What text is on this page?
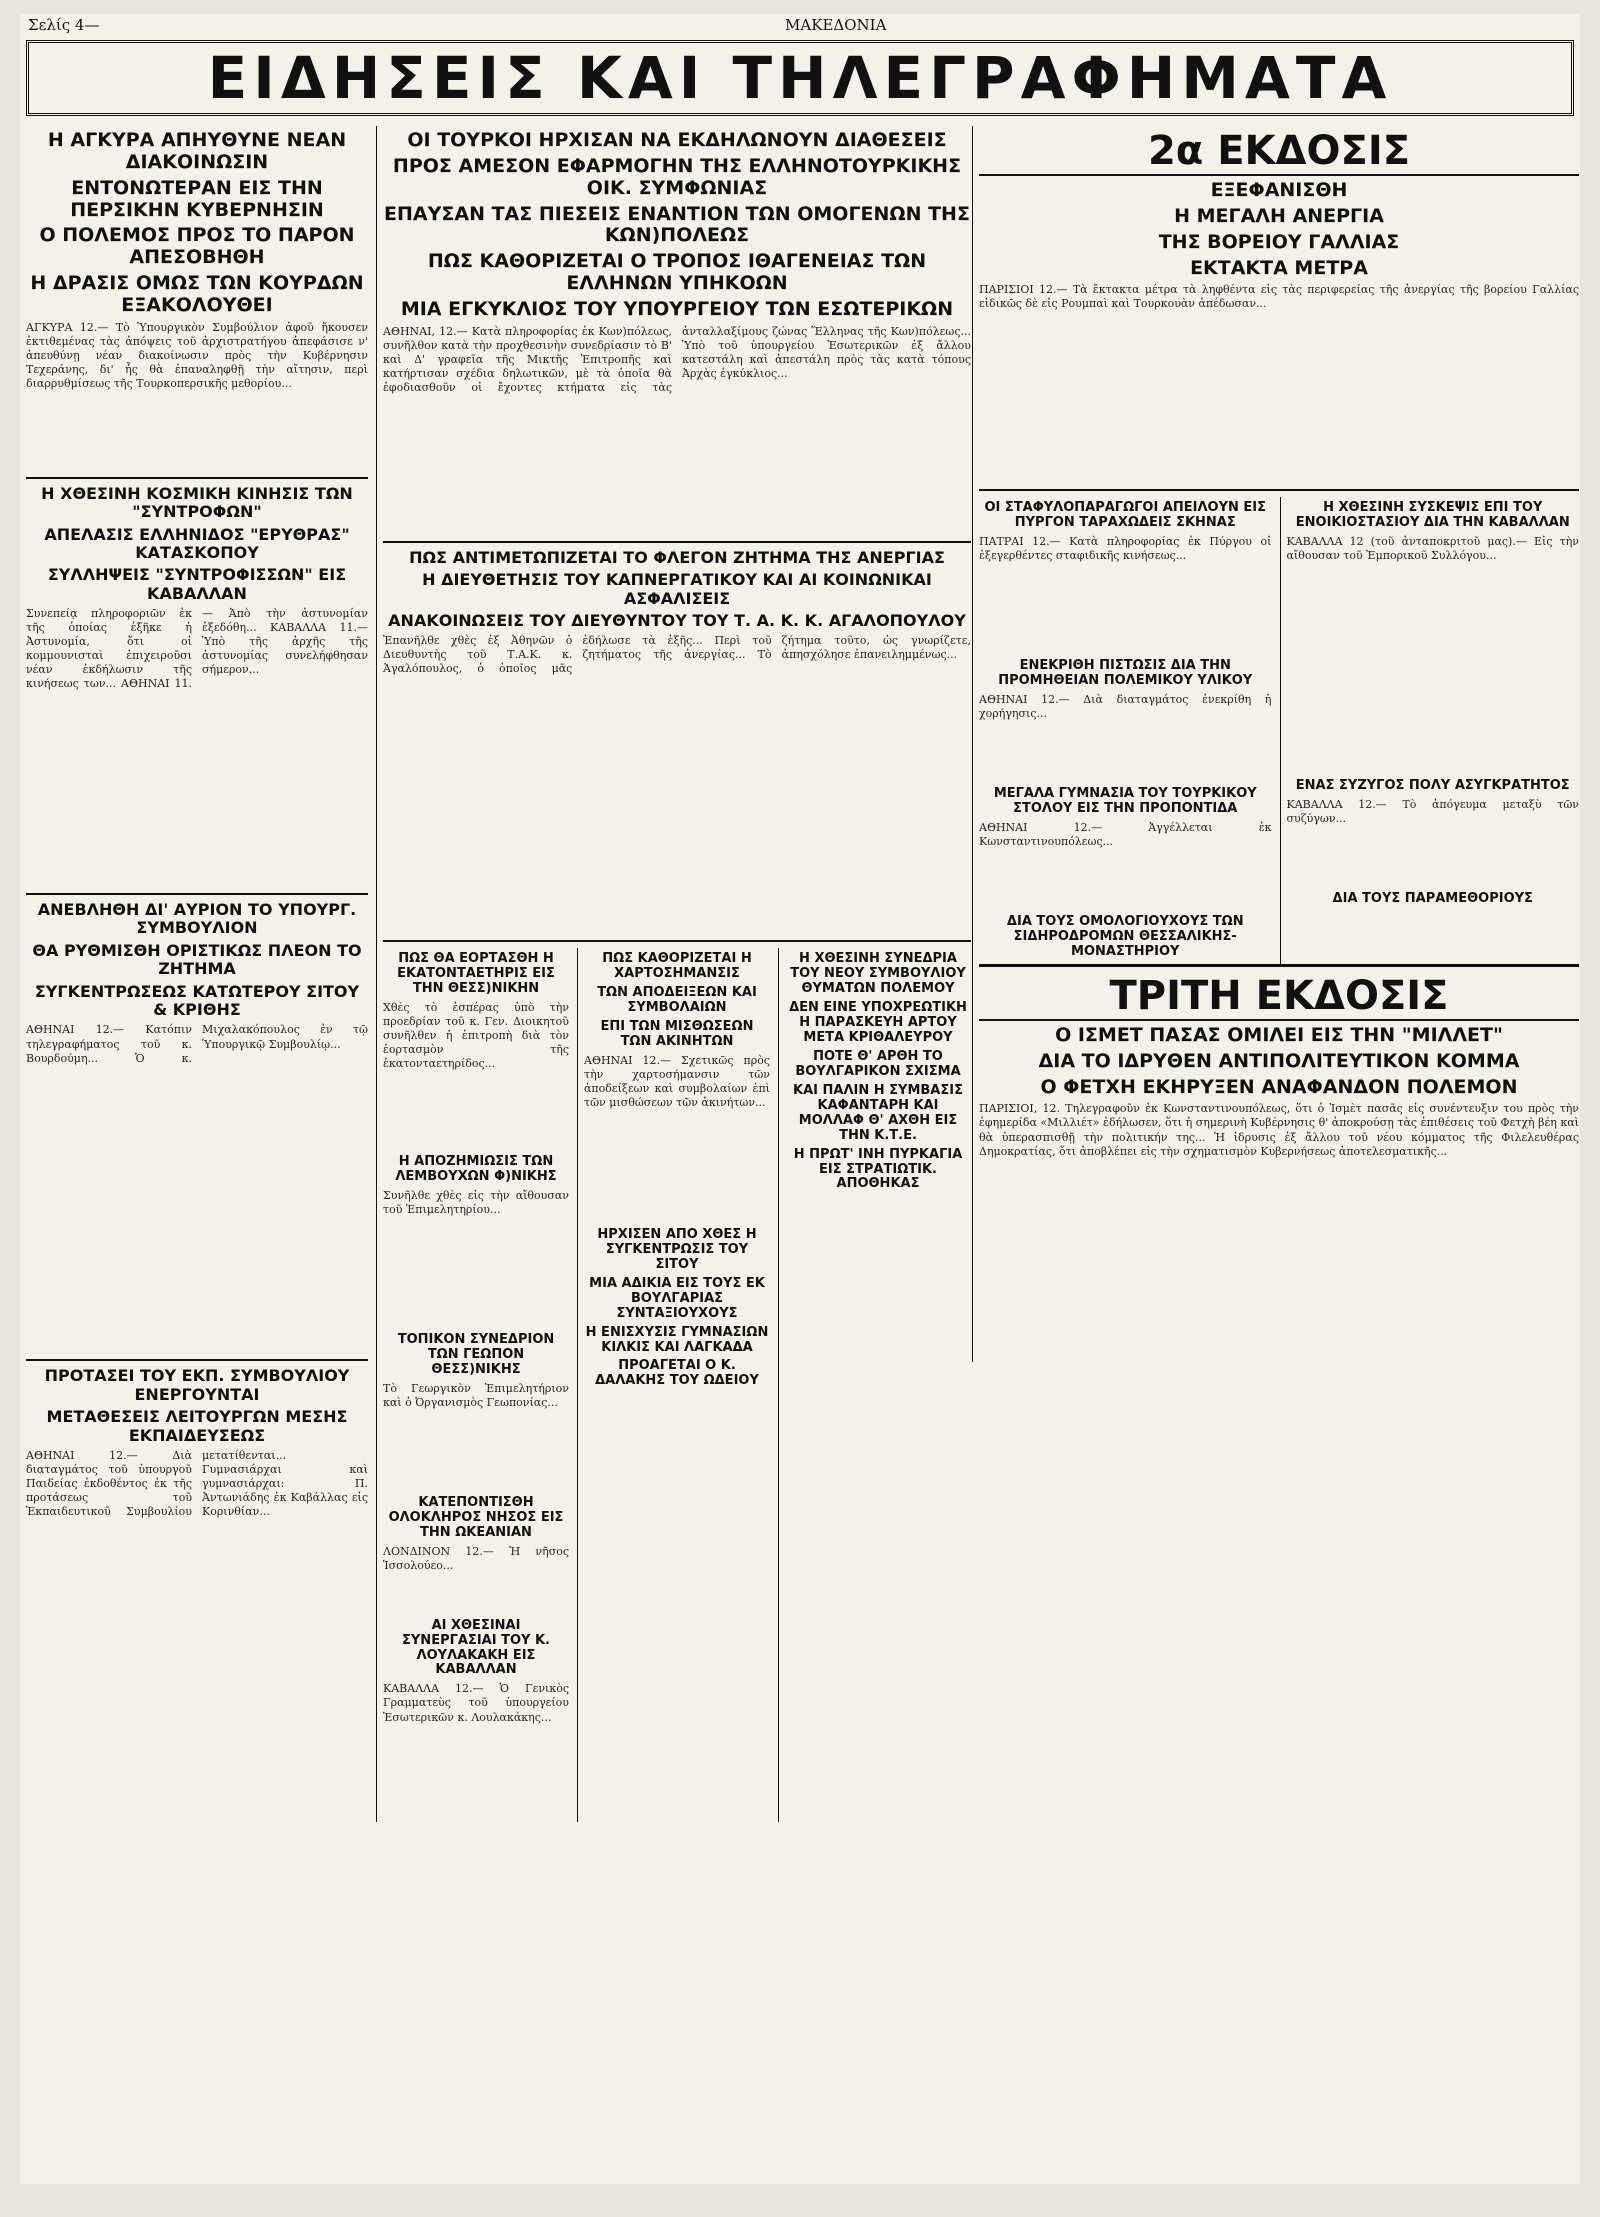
Σελίς 4—	ΜΑΚΕΔΟΝΙΑ
ΕΙΔΗΣΕΙΣ ΚΑΙ ΤΗΛΕΓΡΑΦΗΜΑΤΑ
Η ΑΓΚΥΡΑ ΑΠΗΥΘΥΝΕ ΝΕΑΝ ΔΙΑΚΟΙΝΩΣΙΝ
ΕΝΤΟΝΩΤΕΡΑΝ ΕΙΣ ΤΗΝ ΠΕΡΣΙΚΗΝ ΚΥΒΕΡΝΗΣΙΝ
Ο ΠΟΛΕΜΟΣ ΠΡΟΣ ΤΟ ΠΑΡΟΝ ΑΠΕΣΟΒΗΘΗ
Η ΔΡΑΣΙΣ ΟΜΩΣ ΤΩΝ ΚΟΥΡΔΩΝ ΕΞΑΚΟΛΟΥΘΕΙ
ΑΓΚΥΡΑ 12.— Τὸ Ὑπουργικὸν Συμβούλιον ἀφοῦ ἤκουσεν ἐκτιθεμένας τὰς ἀπόψεις τοῦ ἀρχιστρατήγου ἀπεφάσισε ν' ἀπευθύνῃ νέαν διακοίνωσιν πρὸς τὴν Κυβέρνησιν Τεχεράνης, δι' ἧς θὰ ἐπαναληφθῇ τὴν αἴτησιν, περὶ διαρρυθμίσεως τῆς Τουρκοπερσικῆς μεθορίου...
Η ΧΘΕΣΙΝΗ ΚΟΣΜΙΚΗ ΚΙΝΗΣΙΣ ΤΩΝ "ΣΥΝΤΡΟΦΩΝ"
ΑΠΕΛΑΣΙΣ ΕΛΛΗΝΙΔΟΣ "ΕΡΥΘΡΑΣ" ΚΑΤΑΣΚΟΠΟΥ
ΣΥΛΛΗΨΕΙΣ "ΣΥΝΤΡΟΦΙΣΣΩΝ" ΕΙΣ ΚΑΒΑΛΛΑΝ
Συνεπείᾳ πληροφοριῶν ἐκ τῆς ὁποίας ἐξῆκε ἡ Ἀστυνομία, ὅτι οἱ κομμουνισταὶ ἐπιχειροῦσι νέαν ἐκδήλωσιν τῆς κινήσεως των... ΑΘΗΝΑΙ 11.— Ἀπὸ τὴν ἀστυνομίαν ἐξεδόθη... ΚΑΒΑΛΛΑ 11.— Ὑπὸ τῆς ἀρχῆς τῆς ἀστυνομίας συνελήφθησαν σήμερον...
ΑΝΕΒΛΗΘΗ ΔΙ' ΑΥΡΙΟΝ ΤΟ ΥΠΟΥΡΓ. ΣΥΜΒΟΥΛΙΟΝ
ΘΑ ΡΥΘΜΙΣΘΗ ΟΡΙΣΤΙΚΩΣ ΠΛΕΟΝ ΤΟ ΖΗΤΗΜΑ
ΣΥΓΚΕΝΤΡΩΣΕΩΣ ΚΑΤΩΤΕΡΟΥ ΣΙΤΟΥ & ΚΡΙΘΗΣ
ΑΘΗΝΑΙ 12.— Κατόπιν τηλεγραφήματος τοῦ κ. Βουρδούμη... Ὁ κ. Μιχαλακόπουλος ἐν τῷ Ὑπουργικῷ Συμβουλίῳ...
ΠΡΟΤΑΣΕΙ ΤΟΥ ΕΚΠ. ΣΥΜΒΟΥΛΙΟΥ ΕΝΕΡΓΟΥΝΤΑΙ
ΜΕΤΑΘΕΣΕΙΣ ΛΕΙΤΟΥΡΓΩΝ ΜΕΣΗΣ ΕΚΠΑΙΔΕΥΣΕΩΣ
ΑΘΗΝΑΙ 12.— Διὰ διαταγμάτος τοῦ ὑπουργοῦ Παιδείας ἐκδοθέντος ἐκ τῆς προτάσεως τοῦ Ἐκπαιδευτικοῦ Συμβουλίου μετατίθενται... Γυμνασιάρχαι καὶ γυμνασιάρχαι: Π. Ἀντωνιάδης ἐκ Καβάλλας εἰς Κορινθίαν...
ΟΙ ΤΟΥΡΚΟΙ ΗΡΧΙΣΑΝ ΝΑ ΕΚΔΗΛΩΝΟΥΝ ΔΙΑΘΕΣΕΙΣ
ΠΡΟΣ ΑΜΕΣΟΝ ΕΦΑΡΜΟΓΗΝ ΤΗΣ ΕΛΛΗΝΟΤΟΥΡΚΙΚΗΣ ΟΙΚ. ΣΥΜΦΩΝΙΑΣ
ΕΠΑΥΣΑΝ ΤΑΣ ΠΙΕΣΕΙΣ ΕΝΑΝΤΙΟΝ ΤΩΝ ΟΜΟΓΕΝΩΝ ΤΗΣ ΚΩΝ)ΠΟΛΕΩΣ
ΠΩΣ ΚΑΘΟΡΙΖΕΤΑΙ Ο ΤΡΟΠΟΣ ΙΘΑΓΕΝΕΙΑΣ ΤΩΝ ΕΛΛΗΝΩΝ ΥΠΗΚΟΩΝ
ΜΙΑ ΕΓΚΥΚΛΙΟΣ ΤΟΥ ΥΠΟΥΡΓΕΙΟΥ ΤΩΝ ΕΣΩΤΕΡΙΚΩΝ
ΑΘΗΝΑΙ, 12.— Κατὰ πληροφορίας ἐκ Κων)πόλεως, συνῆλθον κατὰ τὴν προχθεσινὴν συνεδρίασιν τὸ Β' καὶ Δ' γραφεῖα τῆς Μικτῆς Ἐπιτροπῆς καὶ κατήρτισαν σχέδια δηλωτικῶν, μὲ τὰ ὁποῖα θὰ ἐφοδιασθοῦν οἱ ἔχοντες κτήματα εἰς τὰς ἀνταλλαξίμους ζώνας Ἕλληνας τῆς Κων)πόλεως... Ὑπὸ τοῦ ὑπουργείου Ἐσωτερικῶν ἐξ ἄλλου κατεστάλη καὶ ἀπεστάλη πρὸς τὰς κατὰ τόπους Ἀρχὰς ἐγκύκλιος...
ΠΩΣ ΑΝΤΙΜΕΤΩΠΙΖΕΤΑΙ ΤΟ ΦΛΕΓΟΝ ΖΗΤΗΜΑ ΤΗΣ ΑΝΕΡΓΙΑΣ
Η ΔΙΕΥΘΕΤΗΣΙΣ ΤΟΥ ΚΑΠΝΕΡΓΑΤΙΚΟΥ ΚΑΙ ΑΙ ΚΟΙΝΩΝΙΚΑΙ ΑΣΦΑΛΙΣΕΙΣ
ΑΝΑΚΟΙΝΩΣΕΙΣ ΤΟΥ ΔΙΕΥΘΥΝΤΟΥ ΤΟΥ Τ. Α. Κ. Κ. ΑΓΑΛΟΠΟΥΛΟΥ
Ἐπανῆλθε χθὲς ἐξ Ἀθηνῶν ὁ Διευθυντὴς τοῦ Τ.Α.Κ. κ. Ἀγαλόπουλος, ὁ ὁποῖος μᾶς ἐδήλωσε τὰ ἑξῆς... Περὶ τοῦ ζητήματος τῆς ἀνεργίας... Τὸ ζήτημα τοῦτο, ὡς γνωρίζετε, ἀπησχόλησε ἐπανειλημμένως...
ΠΩΣ ΘΑ ΕΟΡΤΑΣΘΗ Η ΕΚΑΤΟΝΤΑΕΤΗΡΙΣ ΕΙΣ ΤΗΝ ΘΕΣΣ)ΝΙΚΗΝ
Χθὲς τὸ ἑσπέρας ὑπὸ τὴν προεδρίαν τοῦ κ. Γεν. Διοικητοῦ συνῆλθεν ἡ ἐπιτροπὴ διὰ τὸν ἑορτασμὸν τῆς ἑκατονταετηρίδος...
Η ΑΠΟΖΗΜΙΩΣΙΣ ΤΩΝ ΛΕΜΒΟΥΧΩΝ Φ)ΝΙΚΗΣ
Συνῆλθε χθὲς εἰς τὴν αἴθουσαν τοῦ Ἐπιμελητηρίου...
ΤΟΠΙΚΟΝ ΣΥΝΕΔΡΙΟΝ ΤΩΝ ΓΕΩΠΟΝ ΘΕΣΣ)ΝΙΚΗΣ
Τὸ Γεωργικὸν Ἐπιμελητήριον καὶ ὁ Ὀργανισμὸς Γεωπονίας...
ΚΑΤΕΠΟΝΤΙΣΘΗ ΟΛΟΚΛΗΡΟΣ ΝΗΣΟΣ ΕΙΣ ΤΗΝ ΩΚΕΑΝΙΑΝ
ΛΟΝΔΙΝΟΝ 12.— Ἡ νῆσος Ἱσσολούεο...
ΑΙ ΧΘΕΣΙΝΑΙ ΣΥΝΕΡΓΑΣΙΑΙ ΤΟΥ Κ. ΛΟΥΛΑΚΑΚΗ ΕΙΣ ΚΑΒΑΛΛΑΝ
ΚΑΒΑΛΛΑ 12.— Ὁ Γενικὸς Γραμματεὺς τοῦ ὑπουργείου Ἐσωτερικῶν κ. Λουλακάκης...
ΠΩΣ ΚΑΘΟΡΙΖΕΤΑΙ Η ΧΑΡΤΟΣΗΜΑΝΣΙΣ
ΤΩΝ ΑΠΟΔΕΙΞΕΩΝ ΚΑΙ ΣΥΜΒΟΛΑΙΩΝ
ΕΠΙ ΤΩΝ ΜΙΣΘΩΣΕΩΝ ΤΩΝ ΑΚΙΝΗΤΩΝ
ΑΘΗΝΑΙ 12.— Σχετικῶς πρὸς τὴν χαρτοσήμανσιν τῶν ἀποδείξεων καὶ συμβολαίων ἐπὶ τῶν μισθώσεων τῶν ἀκινήτων...
ΗΡΧΙΣΕΝ ΑΠΟ ΧΘΕΣ Η ΣΥΓΚΕΝΤΡΩΣΙΣ ΤΟΥ ΣΙΤΟΥ
ΜΙΑ ΑΔΙΚΙΑ ΕΙΣ ΤΟΥΣ ΕΚ ΒΟΥΛΓΑΡΙΑΣ ΣΥΝΤΑΞΙΟΥΧΟΥΣ
Η ΕΝΙΣΧΥΣΙΣ ΓΥΜΝΑΣΙΩΝ ΚΙΛΚΙΣ ΚΑΙ ΛΑΓΚΑΔΑ
ΠΡΟΑΓΕΤΑΙ Ο Κ. ΔΑΛΑΚΗΣ ΤΟΥ ΩΔΕΙΟΥ
Η ΧΘΕΣΙΝΗ ΣΥΝΕΔΡΙΑ ΤΟΥ ΝΕΟΥ ΣΥΜΒΟΥΛΙΟΥ ΘΥΜΑΤΩΝ ΠΟΛΕΜΟΥ
ΔΕΝ ΕΙΝΕ ΥΠΟΧΡΕΩΤΙΚΗ Η ΠΑΡΑΣΚΕΥΗ ΑΡΤΟΥ ΜΕΤΑ ΚΡΙΘΑΛΕΥΡΟΥ
ΠΟΤΕ Θ' ΑΡΘΗ ΤΟ ΒΟΥΛΓΑΡΙΚΟΝ ΣΧΙΣΜΑ
ΚΑΙ ΠΑΛΙΝ Η ΣΥΜΒΑΣΙΣ ΚΑΦΑΝΤΑΡΗ ΚΑΙ ΜΟΛΛΑΦ Θ' ΑΧΘΗ ΕΙΣ ΤΗΝ Κ.Τ.Ε.
Η ΠΡΩΤ' ΙΝΗ ΠΥΡΚΑΓΙΑ ΕΙΣ ΣΤΡΑΤΙΩΤΙΚ. ΑΠΟΘΗΚΑΣ
2α ΕΚΔΟΣΙΣ
ΕΞΕΦΑΝΙΣΘΗ
Η ΜΕΓΑΛΗ ΑΝΕΡΓΙΑ
ΤΗΣ ΒΟΡΕΙΟΥ ΓΑΛΛΙΑΣ
ΕΚΤΑΚΤΑ ΜΕΤΡΑ
ΠΑΡΙΣΙΟΙ 12.— Τὰ ἔκτακτα μέτρα τὰ ληφθέντα εἰς τὰς περιφερείας τῆς ἀνεργίας τῆς βορείου Γαλλίας εἰδικῶς δὲ εἰς Ρουμπαὶ καὶ Τουρκουὰν ἀπέδωσαν...
ΟΙ ΣΤΑΦΥΛΟΠΑΡΑΓΩΓΟΙ ΑΠΕΙΛΟΥΝ ΕΙΣ ΠΥΡΓΟΝ ΤΑΡΑΧΩΔΕΙΣ ΣΚΗΝΑΣ
ΠΑΤΡΑΙ 12.— Κατὰ πληροφορίας ἐκ Πύργου οἱ ἐξεγερθέντες σταφιδικῆς κινήσεως...
ΕΝΕΚΡΙΘΗ ΠΙΣΤΩΣΙΣ ΔΙΑ ΤΗΝ ΠΡΟΜΗΘΕΙΑΝ ΠΟΛΕΜΙΚΟΥ ΥΛΙΚΟΥ
ΑΘΗΝΑΙ 12.— Διὰ διαταγμάτος ἐνεκρίθη ἡ χορήγησις...
ΜΕΓΑΛΑ ΓΥΜΝΑΣΙΑ ΤΟΥ ΤΟΥΡΚΙΚΟΥ ΣΤΟΛΟΥ ΕΙΣ ΤΗΝ ΠΡΟΠΟΝΤΙΔΑ
ΑΘΗΝΑΙ 12.— Ἀγγέλλεται ἐκ Κωνσταντινουπόλεως...
ΔΙΑ ΤΟΥΣ ΟΜΟΛΟΓΙΟΥΧΟΥΣ ΤΩΝ ΣΙΔΗΡΟΔΡΟΜΩΝ ΘΕΣΣΑΛΙΚΗΣ-ΜΟΝΑΣΤΗΡΙΟΥ
Η ΧΘΕΣΙΝΗ ΣΥΣΚΕΨΙΣ ΕΠΙ ΤΟΥ ΕΝΟΙΚΙΟΣΤΑΣΙΟΥ ΔΙΑ ΤΗΝ ΚΑΒΑΛΛΑΝ
ΚΑΒΑΛΛΑ 12 (τοῦ ἀνταποκριτοῦ μας).— Εἰς τὴν αἴθουσαν τοῦ Ἐμπορικοῦ Συλλόγου...
ΕΝΑΣ ΣΥΖΥΓΟΣ ΠΟΛΥ ΑΣΥΓΚΡΑΤΗΤΟΣ
ΚΑΒΑΛΛΑ 12.— Τὸ ἀπόγευμα μεταξὺ τῶν συζύγων...
ΔΙΑ ΤΟΥΣ ΠΑΡΑΜΕΘΟΡΙΟΥΣ
ΤΡΙΤΗ ΕΚΔΟΣΙΣ
Ο ΙΣΜΕΤ ΠΑΣΑΣ ΟΜΙΛΕΙ ΕΙΣ ΤΗΝ "ΜΙΛΛΕΤ"
ΔΙΑ ΤΟ ΙΔΡΥΘΕΝ ΑΝΤΙΠΟΛΙΤΕΥΤΙΚΟΝ ΚΟΜΜΑ
Ο ΦΕΤΧΗ ΕΚΗΡΥΞΕΝ ΑΝΑΦΑΝΔΟΝ ΠΟΛΕΜΟΝ
ΠΑΡΙΣΙΟΙ, 12. Τηλεγραφοῦν ἐκ Κωνσταντινουπόλεως, ὅτι ὁ Ἰσμὲτ πασᾶς εἰς συνέντευξιν του πρὸς τὴν ἐφημερίδα «Μιλλιέτ» ἐδήλωσεν, ὅτι ἡ σημερινὴ Κυβέρνησις θ' ἀποκρούσῃ τὰς ἐπιθέσεις τοῦ Φετχὴ βέη καὶ θὰ ὑπερασπισθῇ τὴν πολιτικήν της... Ἡ ἱδρυσις ἐξ ἄλλου τοῦ νέου κόμματος τῆς Φιλελευθέρας Δημοκρατίας, ὅτι ἀποβλέπει εἰς τὴν σχηματισμὸν Κυβερνήσεως ἀποτελεσματικῆς...
